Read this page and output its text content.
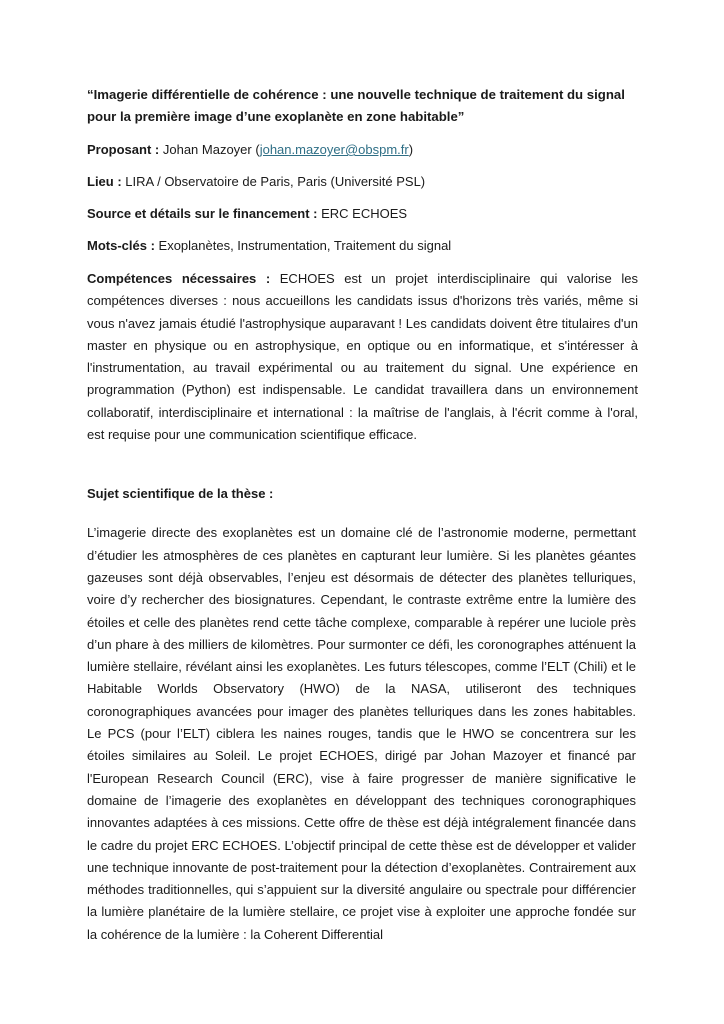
“Imagerie différentielle de cohérence : une nouvelle technique de traitement du signal pour la première image d’une exoplanète en zone habitable”

Proposant : Johan Mazoyer (johan.mazoyer@obspm.fr)

Lieu : LIRA / Observatoire de Paris, Paris (Université PSL)

Source et détails sur le financement : ERC ECHOES

Mots-clés : Exoplanètes, Instrumentation, Traitement du signal

Compétences nécessaires : ECHOES est un projet interdisciplinaire qui valorise les compétences diverses : nous accueillons les candidats issus d'horizons très variés, même si vous n'avez jamais étudié l'astrophysique auparavant ! Les candidats doivent être titulaires d'un master en physique ou en astrophysique, en optique ou en informatique, et s'intéresser à l'instrumentation, au travail expérimental ou au traitement du signal. Une expérience en programmation (Python) est indispensable. Le candidat travaillera dans un environnement collaboratif, interdisciplinaire et international : la maîtrise de l'anglais, à l'écrit comme à l'oral, est requise pour une communication scientifique efficace.

Sujet scientifique de la thèse :

L’imagerie directe des exoplanètes est un domaine clé de l’astronomie moderne, permettant d’étudier les atmosphères de ces planètes en capturant leur lumière. Si les planètes géantes gazeuses sont déjà observables, l’enjeu est désormais de détecter des planètes telluriques, voire d’y rechercher des biosignatures. Cependant, le contraste extrême entre la lumière des étoiles et celle des planètes rend cette tâche complexe, comparable à repérer une luciole près d’un phare à des milliers de kilomètres. Pour surmonter ce défi, les coronographes atténuent la lumière stellaire, révélant ainsi les exoplanètes. Les futurs télescopes, comme l’ELT (Chili) et le Habitable Worlds Observatory (HWO) de la NASA, utiliseront des techniques coronographiques avancées pour imager des planètes telluriques dans les zones habitables. Le PCS (pour l’ELT) ciblera les naines rouges, tandis que le HWO se concentrera sur les étoiles similaires au Soleil. Le projet ECHOES, dirigé par Johan Mazoyer et financé par l'European Research Council (ERC), vise à faire progresser de manière significative le domaine de l’imagerie des exoplanètes en développant des techniques coronographiques innovantes adaptées à ces missions. Cette offre de thèse est déjà intégralement financée dans le cadre du projet ERC ECHOES. L’objectif principal de cette thèse est de développer et valider une technique innovante de post-traitement pour la détection d’exoplanètes. Contrairement aux méthodes traditionnelles, qui s’appuient sur la diversité angulaire ou spectrale pour différencier la lumière planétaire de la lumière stellaire, ce projet vise à exploiter une approche fondée sur la cohérence de la lumière : la Coherent Differential
